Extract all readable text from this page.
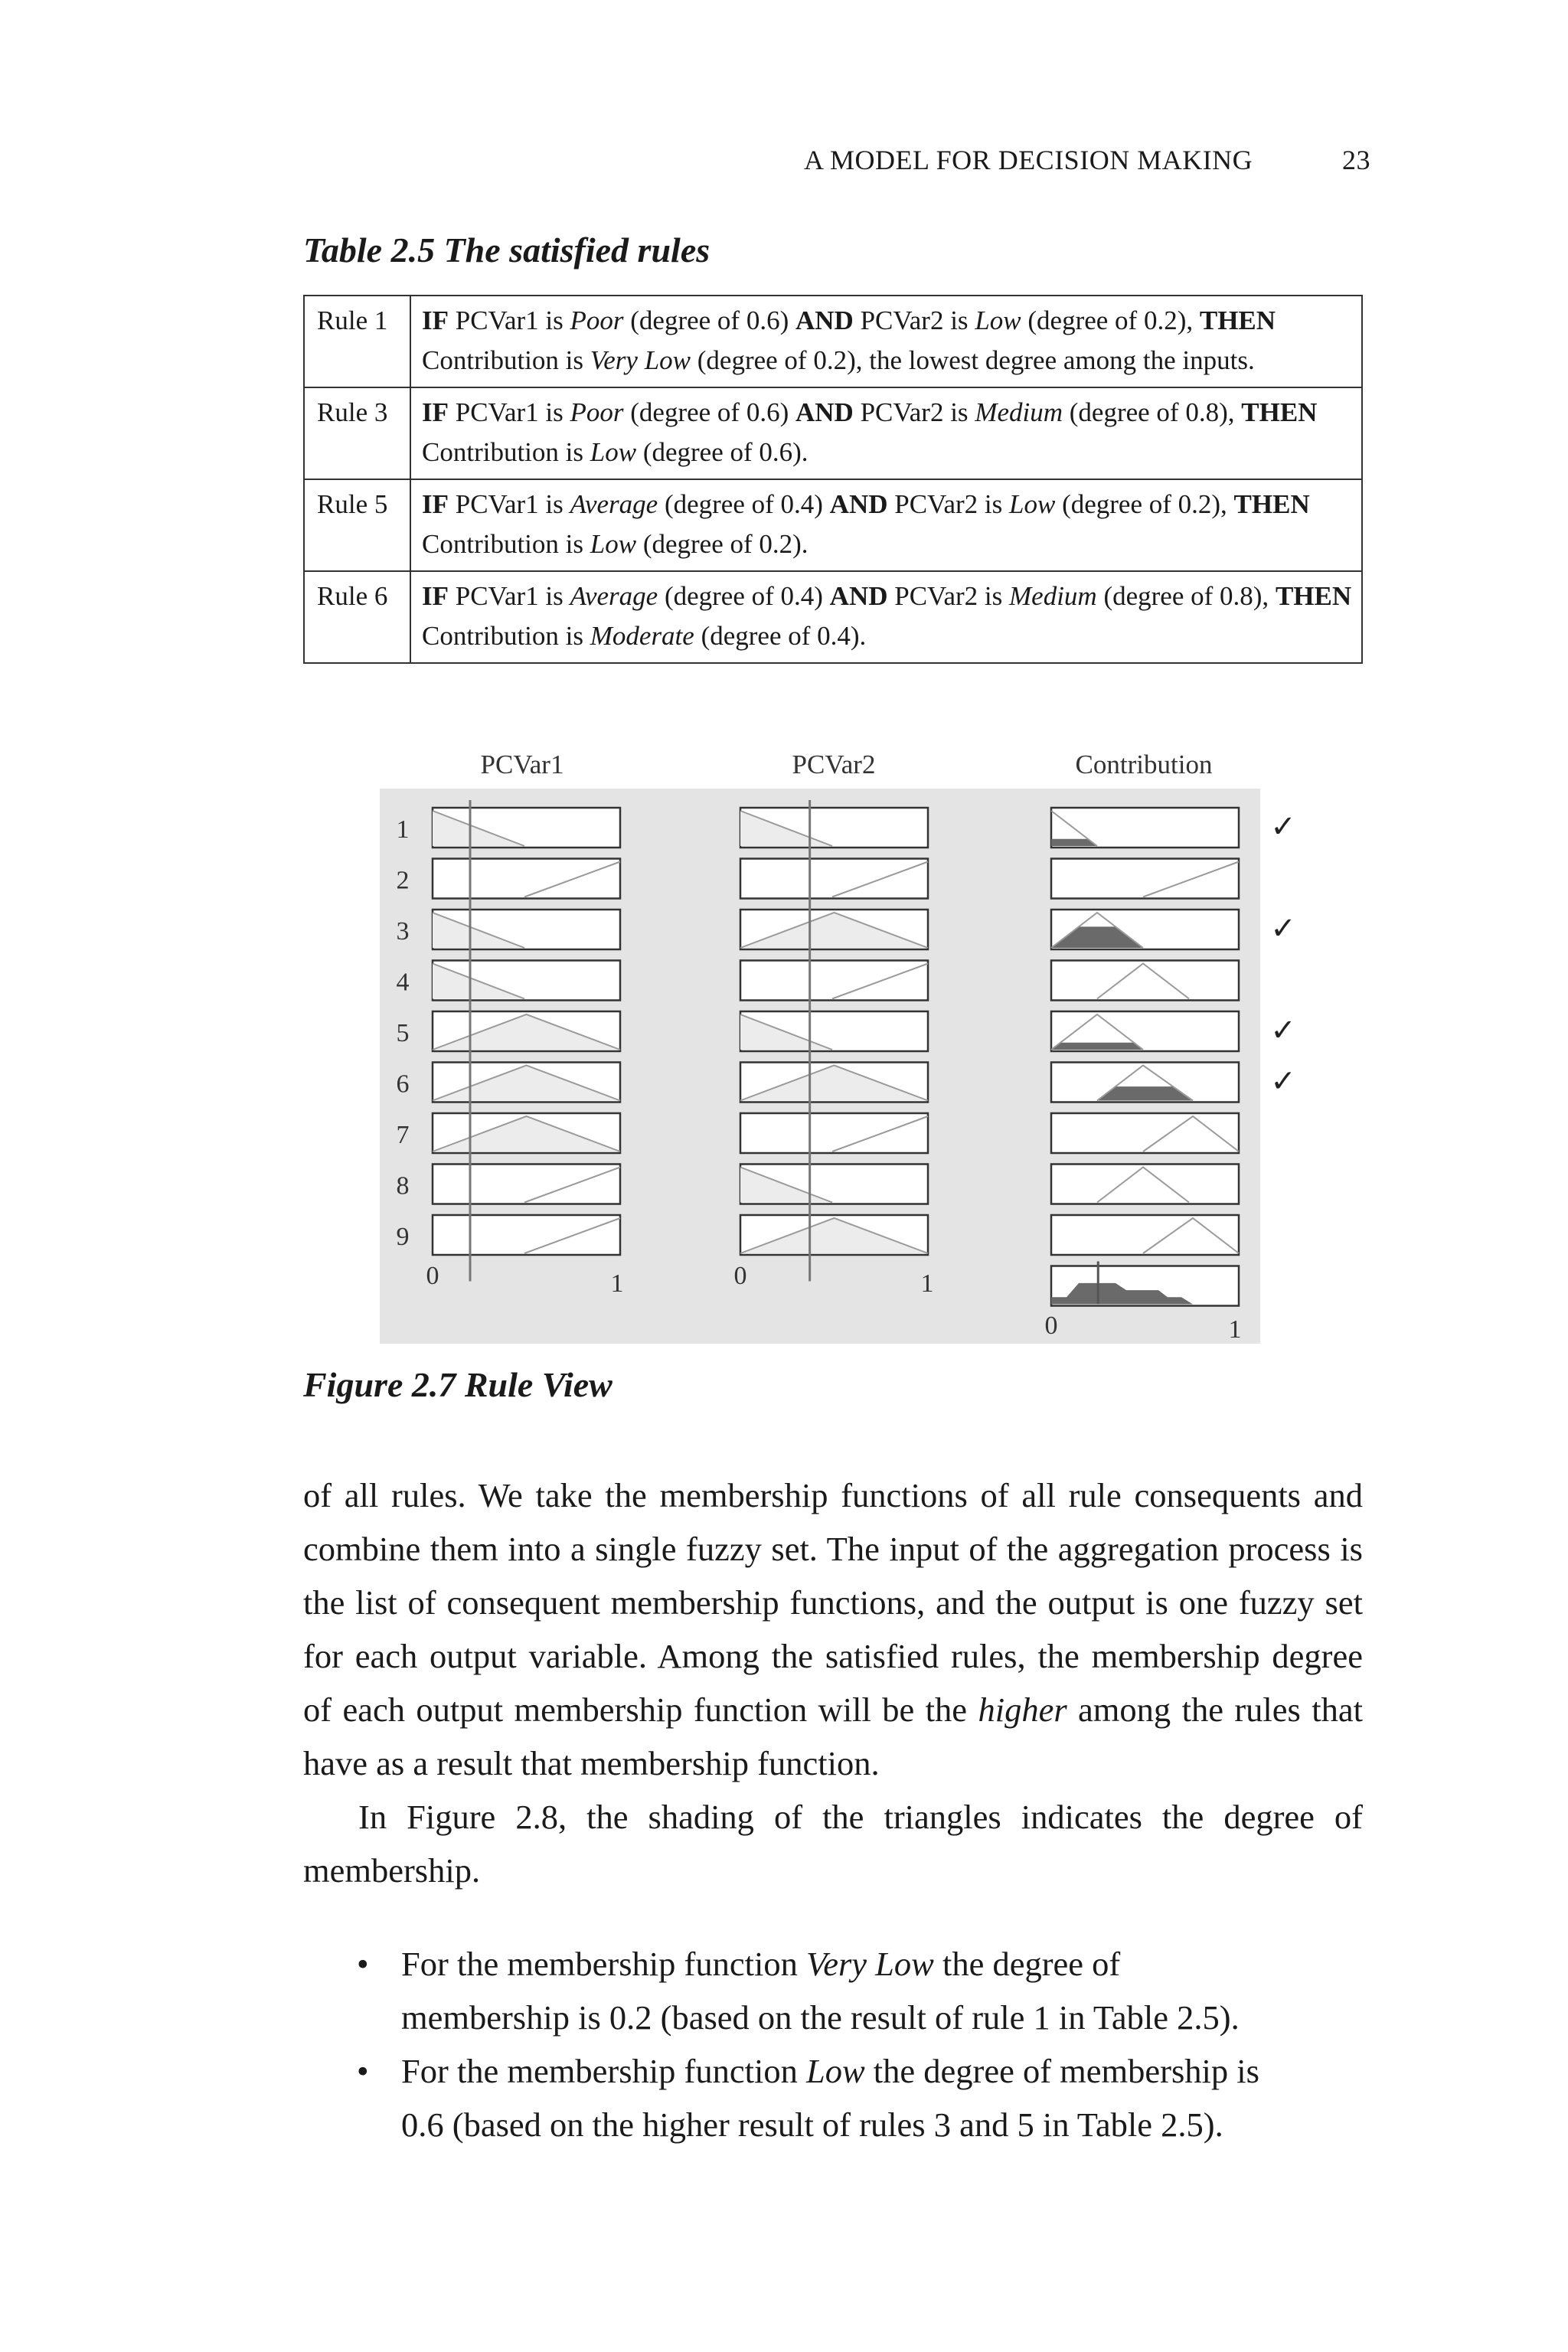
A MODEL FOR DECISION MAKING	23
Table 2.5 The satisfied rules
Rule 1	IF PCVar1 is Poor (degree of 0.6) AND PCVar2 is Low (degree of 0.2), THEN Contribution is Very Low (degree of 0.2), the lowest degree among the inputs.
Rule 3	IF PCVar1 is Poor (degree of 0.6) AND PCVar2 is Medium (degree of 0.8), THEN Contribution is Low (degree of 0.6).
Rule 5	IF PCVar1 is Average (degree of 0.4) AND PCVar2 is Low (degree of 0.2), THEN Contribution is Low (degree of 0.2).
Rule 6	IF PCVar1 is Average (degree of 0.4) AND PCVar2 is Medium (degree of 0.8), THEN Contribution is Moderate (degree of 0.4).
PCVar1	PCVar2	Contribution
1	✓
2
3	✓
4
5	✓
6	✓
7
8
9
0	1	0	1
0	1
Figure 2.7 Rule View

of all rules. We take the membership functions of all rule consequents and combine them into a single fuzzy set. The input of the aggregation process is the list of consequent membership functions, and the output is one fuzzy set for each output variable. Among the satisfied rules, the membership degree of each output membership function will be the higher among the rules that have as a result that membership function.

In Figure 2.8, the shading of the triangles indicates the degree of membership.

• For the membership function Very Low the degree of membership is 0.2 (based on the result of rule 1 in Table 2.5).
• For the membership function Low the degree of membership is 0.6 (based on the higher result of rules 3 and 5 in Table 2.5).
